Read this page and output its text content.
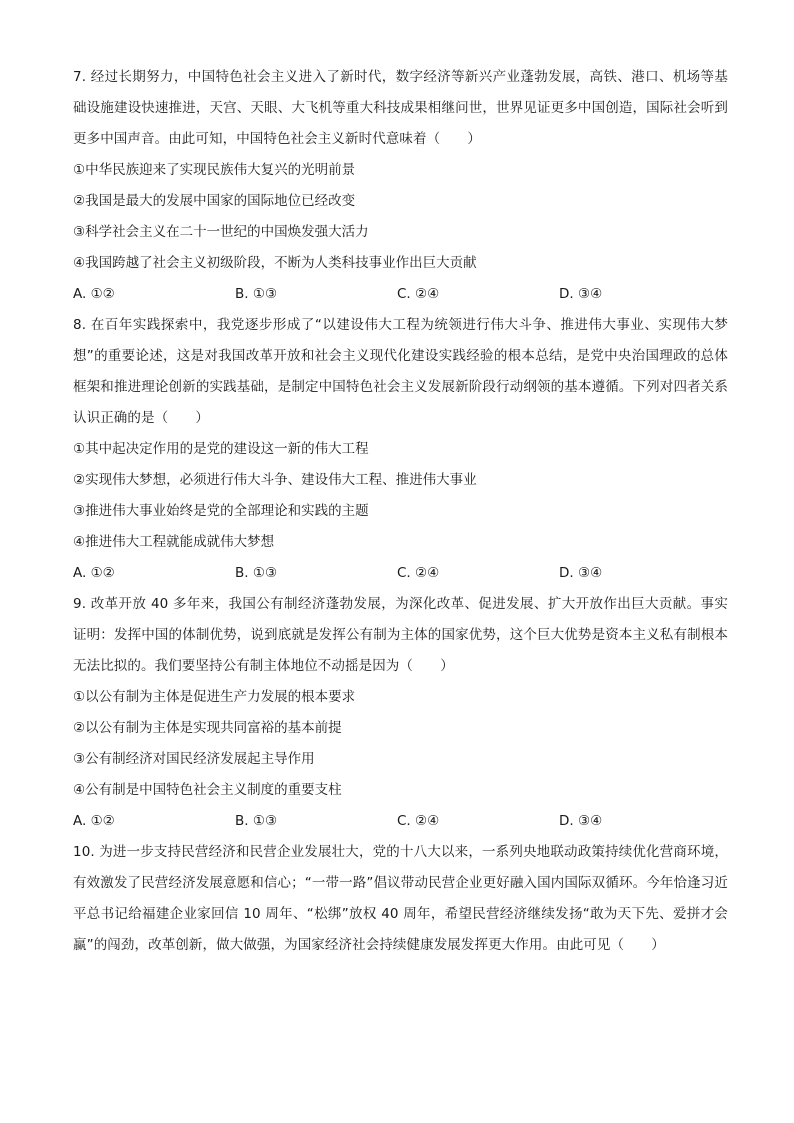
7. 经过长期努力，中国特色社会主义进入了新时代，数字经济等新兴产业蓬勃发展，高铁、港口、机场等基础设施建设快速推进，天宫、天眼、大飞机等重大科技成果相继问世，世界见证更多中国创造，国际社会听到更多中国声音。由此可知，中国特色社会主义新时代意味着（　　）

①中华民族迎来了实现民族伟大复兴的光明前景

②我国是最大的发展中国家的国际地位已经改变

③科学社会主义在二十一世纪的中国焕发强大活力

④我国跨越了社会主义初级阶段，不断为人类科技事业作出巨大贡献

A. ①②	B. ①③	C. ②④	D. ③④

8. 在百年实践探索中，我党逐步形成了“以建设伟大工程为统领进行伟大斗争、推进伟大事业、实现伟大梦想”的重要论述，这是对我国改革开放和社会主义现代化建设实践经验的根本总结，是党中央治国理政的总体框架和推进理论创新的实践基础，是制定中国特色社会主义发展新阶段行动纲领的基本遵循。下列对四者关系认识正确的是（　　）

①其中起决定作用的是党的建设这一新的伟大工程

②实现伟大梦想，必须进行伟大斗争、建设伟大工程、推进伟大事业

③推进伟大事业始终是党的全部理论和实践的主题

④推进伟大工程就能成就伟大梦想

A. ①②	B. ①③	C. ②④	D. ③④

9. 改革开放 40 多年来，我国公有制经济蓬勃发展，为深化改革、促进发展、扩大开放作出巨大贡献。事实证明：发挥中国的体制优势，说到底就是发挥公有制为主体的国家优势，这个巨大优势是资本主义私有制根本无法比拟的。我们要坚持公有制主体地位不动摇是因为（　　）

①以公有制为主体是促进生产力发展的根本要求

②以公有制为主体是实现共同富裕的基本前提

③公有制经济对国民经济发展起主导作用

④公有制是中国特色社会主义制度的重要支柱

A. ①②	B. ①③	C. ②④	D. ③④

10. 为进一步支持民营经济和民营企业发展壮大，党的十八大以来，一系列央地联动政策持续优化营商环境，有效激发了民营经济发展意愿和信心；“一带一路”倡议带动民营企业更好融入国内国际双循环。今年恰逢习近平总书记给福建企业家回信 10 周年、“松绑”放权 40 周年，希望民营经济继续发扬“敢为天下先、爱拼才会赢”的闯劲，改革创新，做大做强，为国家经济社会持续健康发展发挥更大作用。由此可见（　　）
